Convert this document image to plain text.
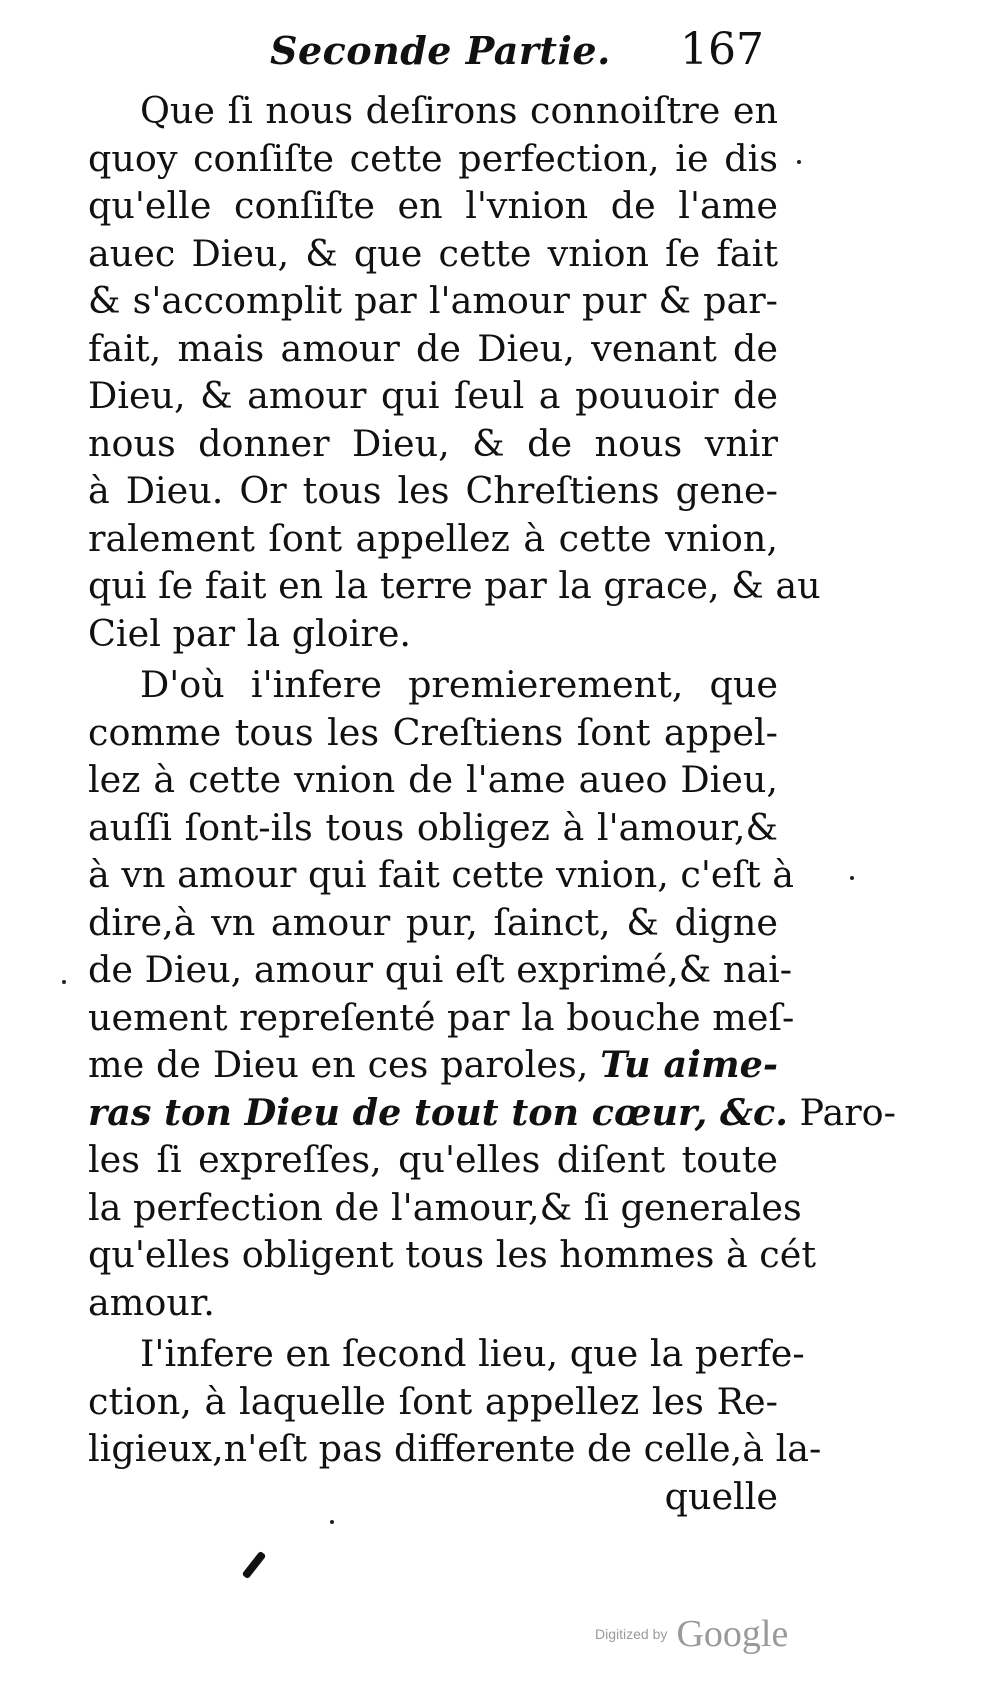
Seconde Partie. 167
Que ſi nous deſirons connoiſtre en
quoy conſiſte cette perfection, ie dis
qu'elle conſiſte en l'vnion de l'ame
auec Dieu, & que cette vnion ſe fait
& s'accomplit par l'amour pur & par-
fait, mais amour de Dieu, venant de
Dieu, & amour qui ſeul a pouuoir de
nous donner Dieu, & de nous vnir
à Dieu. Or tous les Chreſtiens gene-
ralement ſont appellez à cette vnion,
qui ſe fait en la terre par la grace, & au
Ciel par la gloire.
D'où i'infere premierement, que
comme tous les Creſtiens ſont appel-
lez à cette vnion de l'ame aueo Dieu,
auſſi ſont-ils tous obligez à l'amour,&
à vn amour qui fait cette vnion, c'eſt à
dire,à vn amour pur, ſainct, & digne
de Dieu, amour qui eſt exprimé,& nai-
uement repreſenté par la bouche meſ-
me de Dieu en ces paroles, Tu aime-
ras ton Dieu de tout ton cœur, &c. Paro-
les ſi expreſſes, qu'elles diſent toute
la perfection de l'amour,& ſi generales
qu'elles obligent tous les hommes à cét
amour.
I'infere en ſecond lieu, que la perfe-
ction, à laquelle ſont appellez les Re-
ligieux,n'eſt pas differente de celle,à la-
quelle
Digitized by Google
